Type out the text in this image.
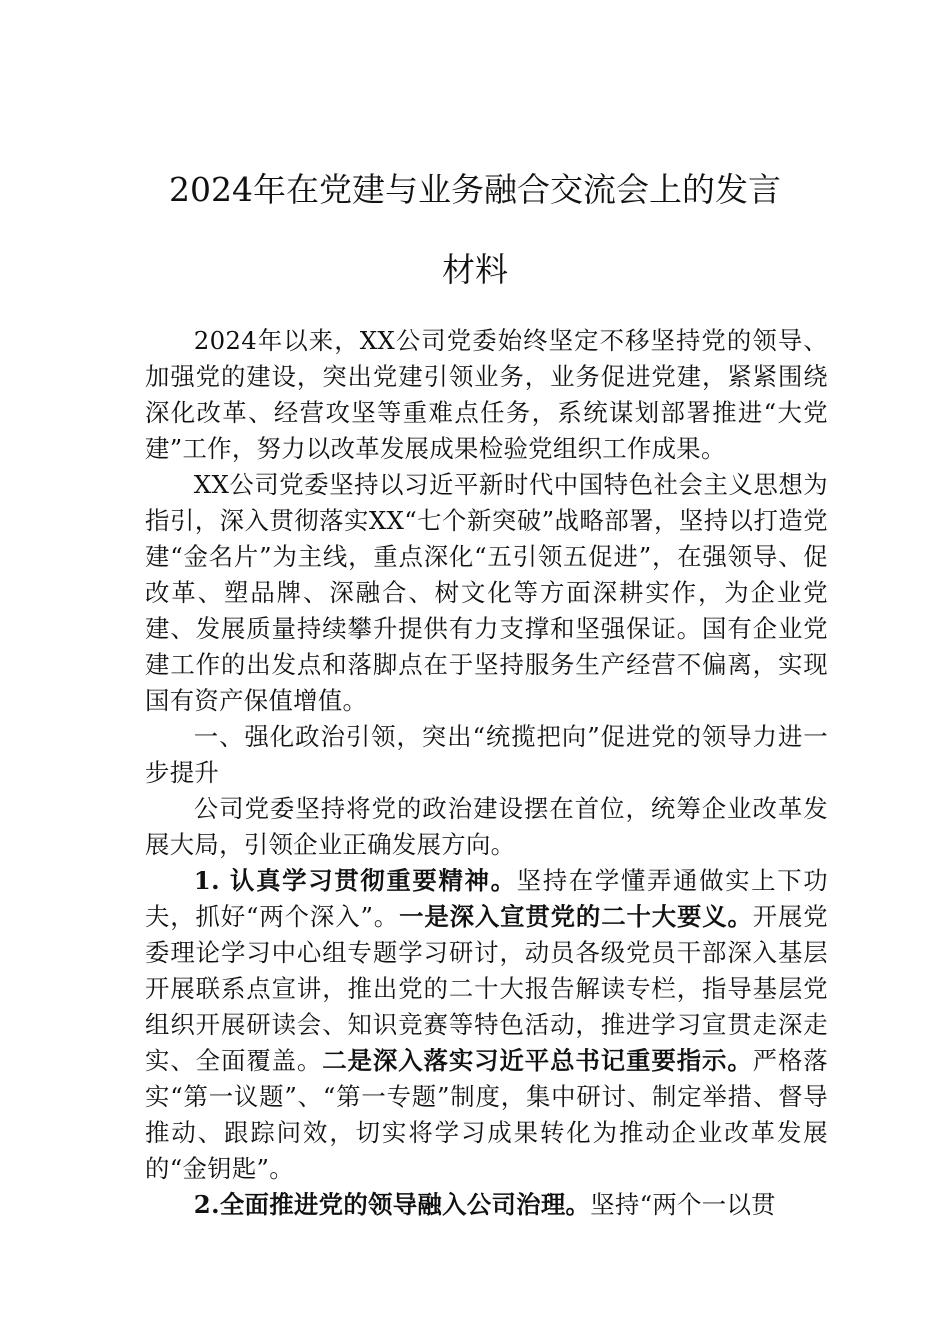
2024年在党建与业务融合交流会上的发言
材料

2024年以来，XX公司党委始终坚定不移坚持党的领导、加强党的建设，突出党建引领业务，业务促进党建，紧紧围绕深化改革、经营攻坚等重难点任务，系统谋划部署推进“大党建”工作，努力以改革发展成果检验党组织工作成果。

XX公司党委坚持以习近平新时代中国特色社会主义思想为指引，深入贯彻落实XX“七个新突破”战略部署，坚持以打造党建“金名片”为主线，重点深化“五引领五促进”，在强领导、促改革、塑品牌、深融合、树文化等方面深耕实作，为企业党建、发展质量持续攀升提供有力支撑和坚强保证。国有企业党建工作的出发点和落脚点在于坚持服务生产经营不偏离，实现国有资产保值增值。

一、强化政治引领，突出“统揽把向”促进党的领导力进一步提升

公司党委坚持将党的政治建设摆在首位，统筹企业改革发展大局，引领企业正确发展方向。

1. 认真学习贯彻重要精神。坚持在学懂弄通做实上下功夫，抓好“两个深入”。一是深入宣贯党的二十大要义。开展党委理论学习中心组专题学习研讨，动员各级党员干部深入基层开展联系点宣讲，推出党的二十大报告解读专栏，指导基层党组织开展研读会、知识竞赛等特色活动，推进学习宣贯走深走实、全面覆盖。二是深入落实习近平总书记重要指示。严格落实“第一议题”、“第一专题”制度，集中研讨、制定举措、督导推动、跟踪问效，切实将学习成果转化为推动企业改革发展的“金钥匙”。

2.全面推进党的领导融入公司治理。坚持“两个一以贯
